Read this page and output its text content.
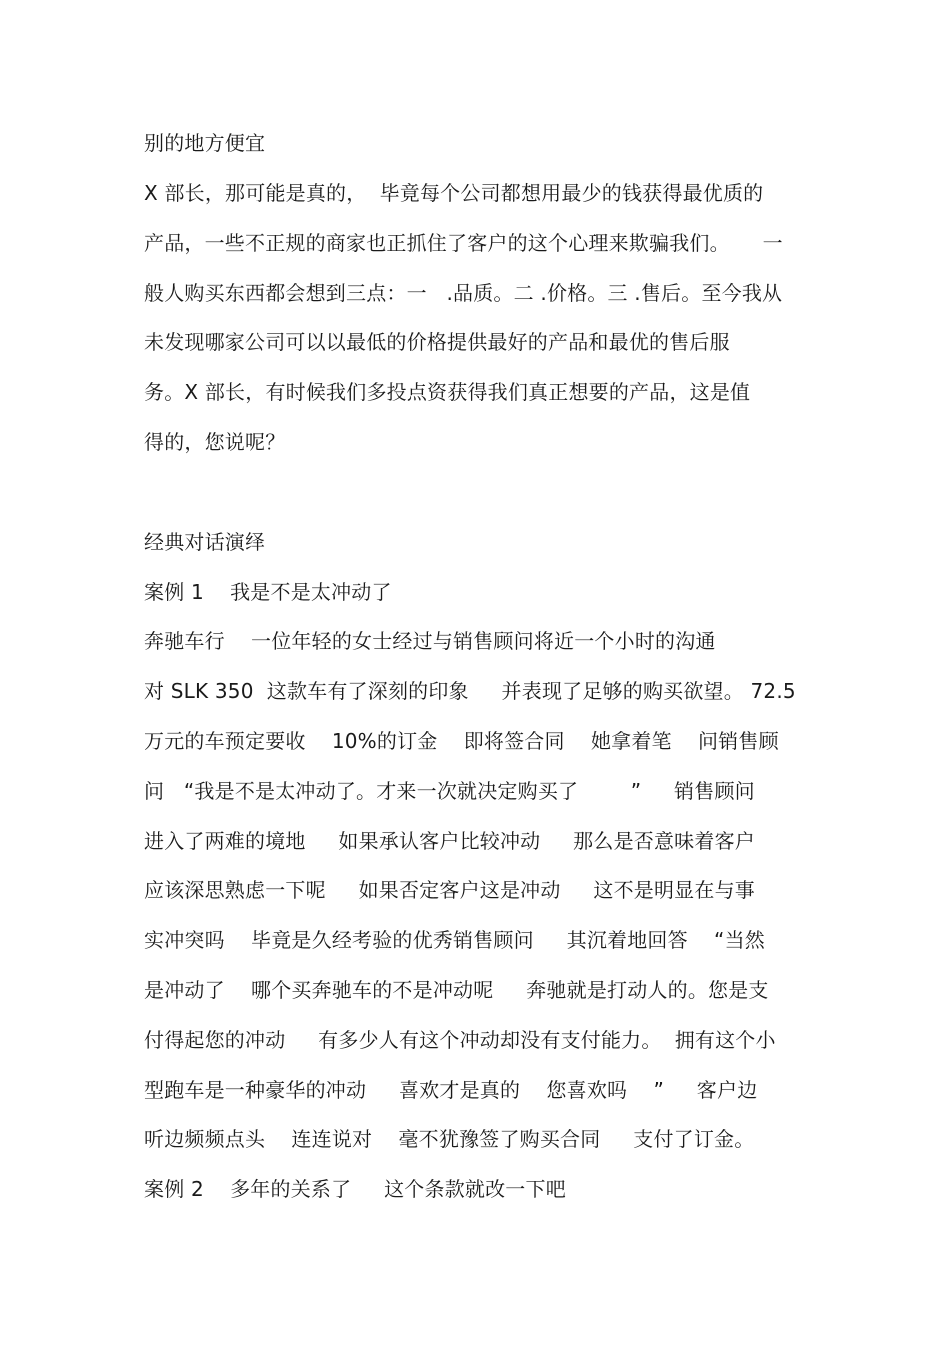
别的地方便宜
X 部长，那可能是真的，  毕竟每个公司都想用最少的钱获得最优质的
产品，一些不正规的商家也正抓住了客户的这个心理来欺骗我们。     一
般人购买东西都会想到三点：一   .品质。二 .价格。三 .售后。至今我从
未发现哪家公司可以以最低的价格提供最好的产品和最优的售后服
务。X 部长，有时候我们多投点资获得我们真正想要的产品，这是值
得的，您说呢？
经典对话演绎
案例 1    我是不是太冲动了
奔驰车行    一位年轻的女士经过与销售顾问将近一个小时的沟通
对 SLK 350  这款车有了深刻的印象     并表现了足够的购买欲望。 72.5
万元的车预定要收    10%的订金    即将签合同    她拿着笔    问销售顾
问   “我是不是太冲动了。才来一次就决定购买了        ”     销售顾问
进入了两难的境地     如果承认客户比较冲动     那么是否意味着客户
应该深思熟虑一下呢     如果否定客户这是冲动     这不是明显在与事
实冲突吗    毕竟是久经考验的优秀销售顾问     其沉着地回答    “当然
是冲动了    哪个买奔驰车的不是冲动呢     奔驰就是打动人的。您是支
付得起您的冲动     有多少人有这个冲动却没有支付能力。  拥有这个小
型跑车是一种豪华的冲动     喜欢才是真的    您喜欢吗    ”     客户边
听边频频点头    连连说对    毫不犹豫签了购买合同     支付了订金。
案例 2    多年的关系了     这个条款就改一下吧
